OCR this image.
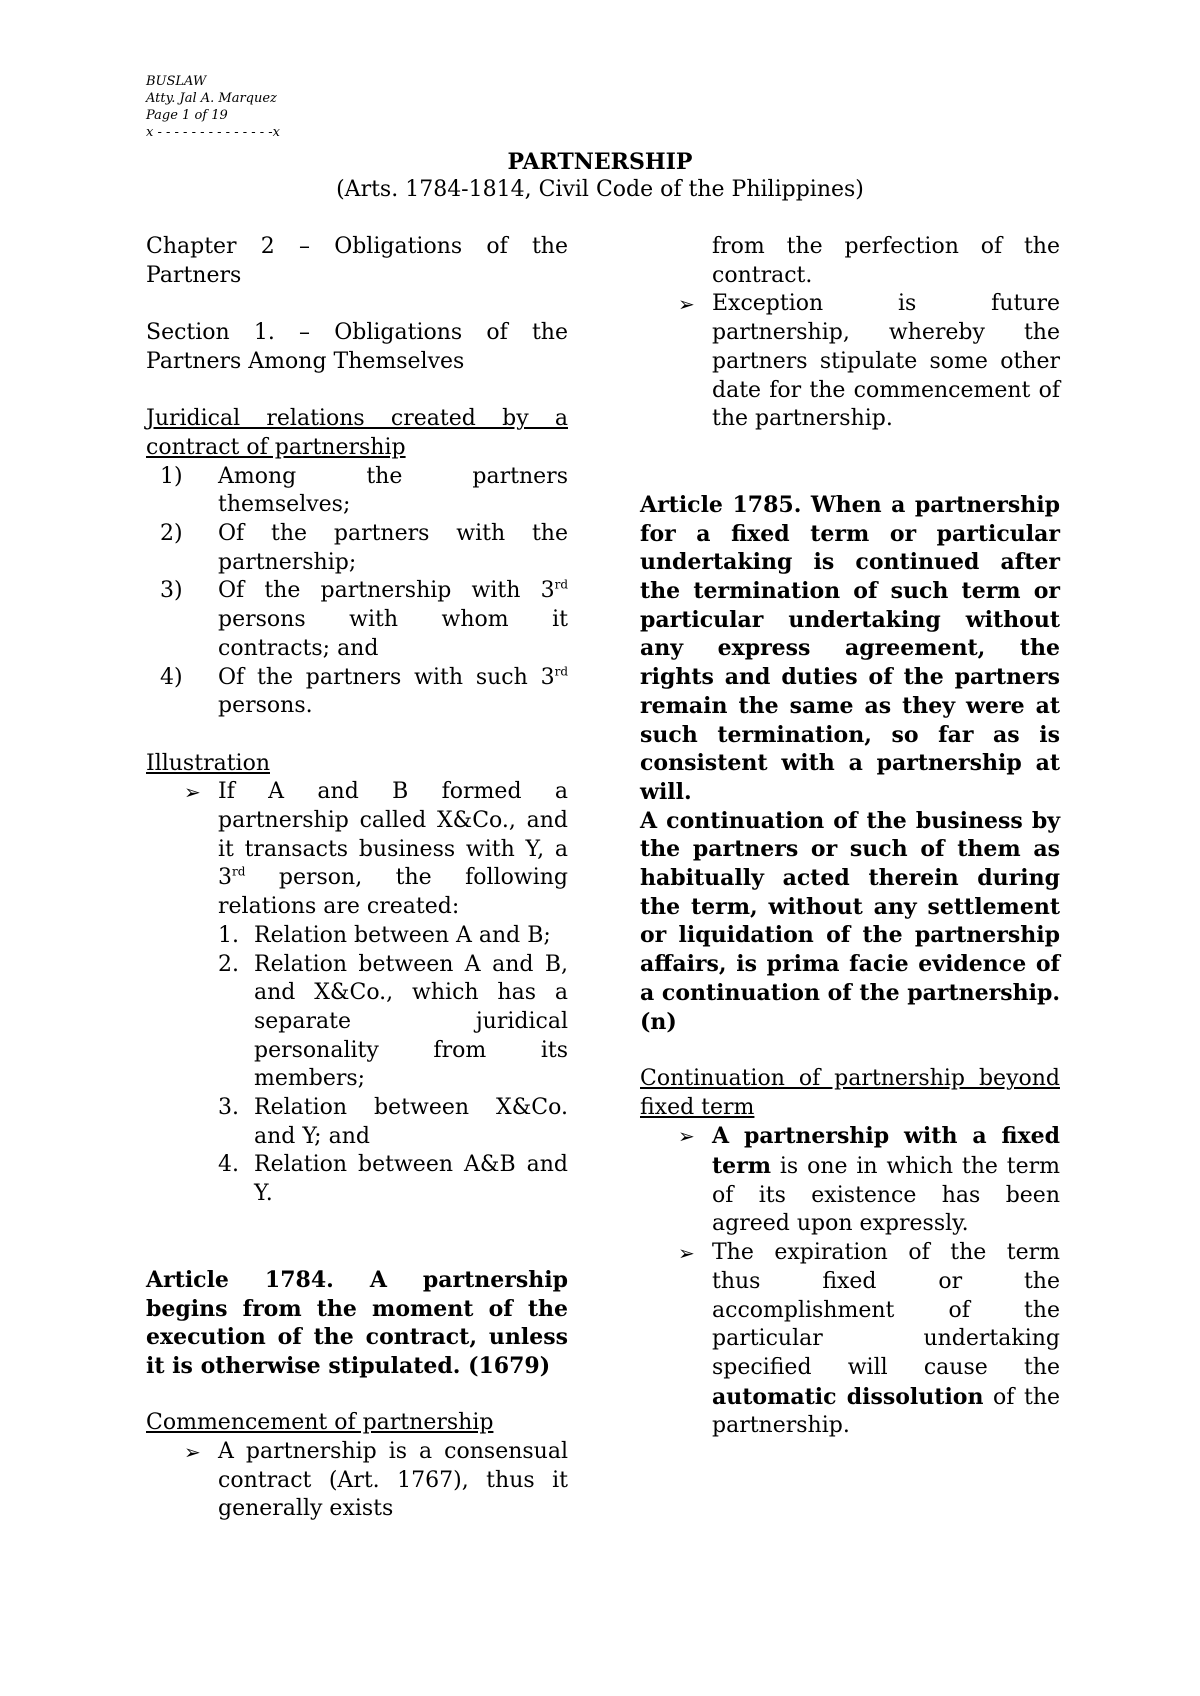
BUSLAW
Atty. Jal A. Marquez
Page 1 of 19
x - - - - - - - - - - - - - -x
PARTNERSHIP
(Arts. 1784-1814, Civil Code of the Philippines)

Chapter 2 – Obligations of the Partners

Section 1. – Obligations of the Partners Among Themselves

Juridical relations created by a contract of partnership

1) Among the partners themselves;
2) Of the partners with the partnership;
3) Of the partnership with 3rd persons with whom it contracts; and
4) Of the partners with such 3rd persons.

Illustration

➢ If A and B formed a partnership called X&Co., and it transacts business with Y, a 3rd person, the following relations are created:
1. Relation between A and B;
2. Relation between A and B, and X&Co., which has a separate juridical personality from its members;
3. Relation between X&Co. and Y; and
4. Relation between A&B and Y.

Article 1784. A partnership begins from the moment of the execution of the contract, unless it is otherwise stipulated. (1679)

Commencement of partnership

➢ A partnership is a consensual contract (Art. 1767), thus it generally exists

from the perfection of the contract.

➢ Exception is future partnership, whereby the partners stipulate some other date for the commencement of the partnership.

Article 1785. When a partnership for a fixed term or particular undertaking is continued after the termination of such term or particular undertaking without any express agreement, the rights and duties of the partners remain the same as they were at such termination, so far as is consistent with a partnership at will.

A continuation of the business by the partners or such of them as habitually acted therein during the term, without any settlement or liquidation of the partnership affairs, is prima facie evidence of a continuation of the partnership. (n)

Continuation of partnership beyond fixed term

➢ A partnership with a fixed term is one in which the term of its existence has been agreed upon expressly.
➢ The expiration of the term thus fixed or the accomplishment of the particular undertaking specified will cause the automatic dissolution of the partnership.
